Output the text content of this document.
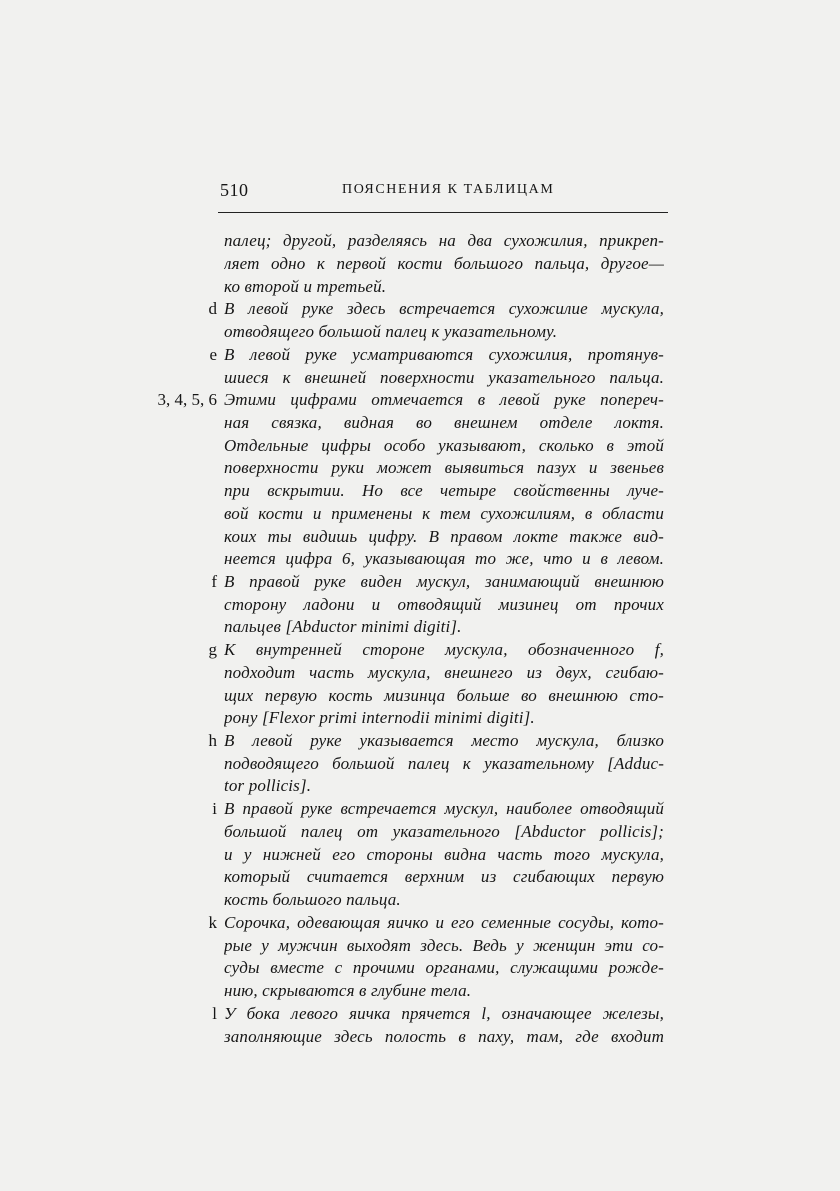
510	ПОЯСНЕНИЯ К ТАБЛИЦАМ
палец; другой, разделяясь на два сухожилия, прикреп-
ляет одно к первой кости большого пальца, другое—
ко второй и третьей.
d В левой руке здесь встречается сухожилие мускула,
отводящего большой палец к указательному.
e В левой руке усматриваются сухожилия, протянув-
шиеся к внешней поверхности указательного пальца.
3, 4, 5, 6 Этими цифрами отмечается в левой руке попереч-
ная связка, видная во внешнем отделе локтя.
Отдельные цифры особо указывают, сколько в этой
поверхности руки может выявиться пазух и звеньев
при вскрытии. Но все четыре свойственны луче-
вой кости и применены к тем сухожилиям, в области
коих ты видишь цифру. В правом локте также вид-
неется цифра 6, указывающая то же, что и в левом.
f В правой руке виден мускул, занимающий внешнюю
сторону ладони и отводящий мизинец от прочих
пальцев [Abductor minimi digiti].
g К внутренней стороне мускула, обозначенного f,
подходит часть мускула, внешнего из двух, сгибаю-
щих первую кость мизинца больше во внешнюю сто-
рону [Flexor primi internodii minimi digiti].
h В левой руке указывается место мускула, близко
подводящего большой палец к указательному [Adduc-
tor pollicis].
i В правой руке встречается мускул, наиболее отводящий
большой палец от указательного [Abductor pollicis];
и у нижней его стороны видна часть того мускула,
который считается верхним из сгибающих первую
кость большого пальца.
k Сорочка, одевающая яичко и его семенные сосуды, кото-
рые у мужчин выходят здесь. Ведь у женщин эти со-
суды вместе с прочими органами, служащими рожде-
нию, скрываются в глубине тела.
l У бока левого яичка прячется l, означающее железы,
заполняющие здесь полость в паху, там, где входит
